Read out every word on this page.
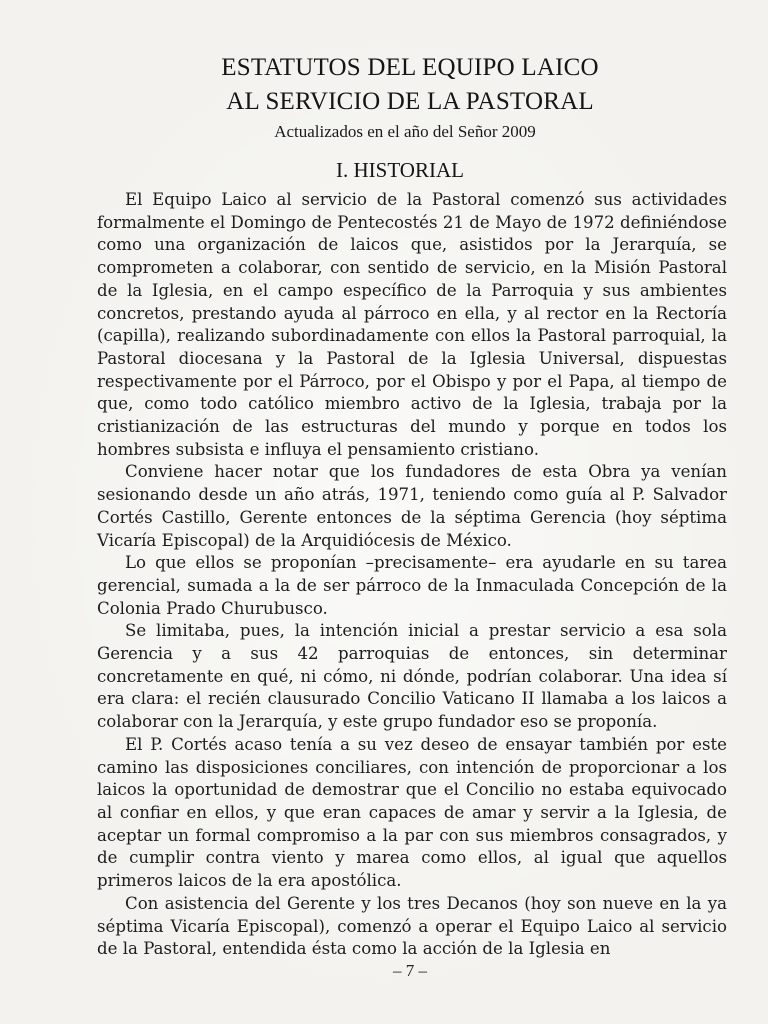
ESTATUTOS DEL EQUIPO LAICO
AL SERVICIO DE LA PASTORAL
Actualizados en el año del Señor 2009
I. HISTORIAL

El Equipo Laico al servicio de la Pastoral comenzó sus actividades formalmente el Domingo de Pentecostés 21 de Mayo de 1972 definiéndose como una organización de laicos que, asistidos por la Jerarquía, se comprometen a colaborar, con sentido de servicio, en la Misión Pastoral de la Iglesia, en el campo específico de la Parroquia y sus ambientes concretos, prestando ayuda al párroco en ella, y al rector en la Rectoría (capilla), realizando subordinadamente con ellos la Pastoral parroquial, la Pastoral diocesana y la Pastoral de la Iglesia Universal, dispuestas respectivamente por el Párroco, por el Obispo y por el Papa, al tiempo de que, como todo católico miembro activo de la Iglesia, trabaja por la cristianización de las estructuras del mundo y porque en todos los hombres subsista e influya el pensamiento cristiano.

Conviene hacer notar que los fundadores de esta Obra ya venían sesionando desde un año atrás, 1971, teniendo como guía al P. Salvador Cortés Castillo, Gerente entonces de la séptima Gerencia (hoy séptima Vicaría Episcopal) de la Arquidiócesis de México.

Lo que ellos se proponían –precisamente– era ayudarle en su tarea gerencial, sumada a la de ser párroco de la Inmaculada Concepción de la Colonia Prado Churubusco.

Se limitaba, pues, la intención inicial a prestar servicio a esa sola Gerencia y a sus 42 parroquias de entonces, sin determinar concretamente en qué, ni cómo, ni dónde, podrían colaborar. Una idea sí era clara: el recién clausurado Concilio Vaticano II llamaba a los laicos a colaborar con la Jerarquía, y este grupo fundador eso se proponía.

El P. Cortés acaso tenía a su vez deseo de ensayar también por este camino las disposiciones conciliares, con intención de proporcionar a los laicos la oportunidad de demostrar que el Concilio no estaba equivocado al confiar en ellos, y que eran capaces de amar y servir a la Iglesia, de aceptar un formal compromiso a la par con sus miembros consagrados, y de cumplir contra viento y marea como ellos, al igual que aquellos primeros laicos de la era apostólica.

Con asistencia del Gerente y los tres Decanos (hoy son nueve en la ya séptima Vicaría Episcopal), comenzó a operar el Equipo Laico al servicio de la Pastoral, entendida ésta como la acción de la Iglesia en

– 7 –
